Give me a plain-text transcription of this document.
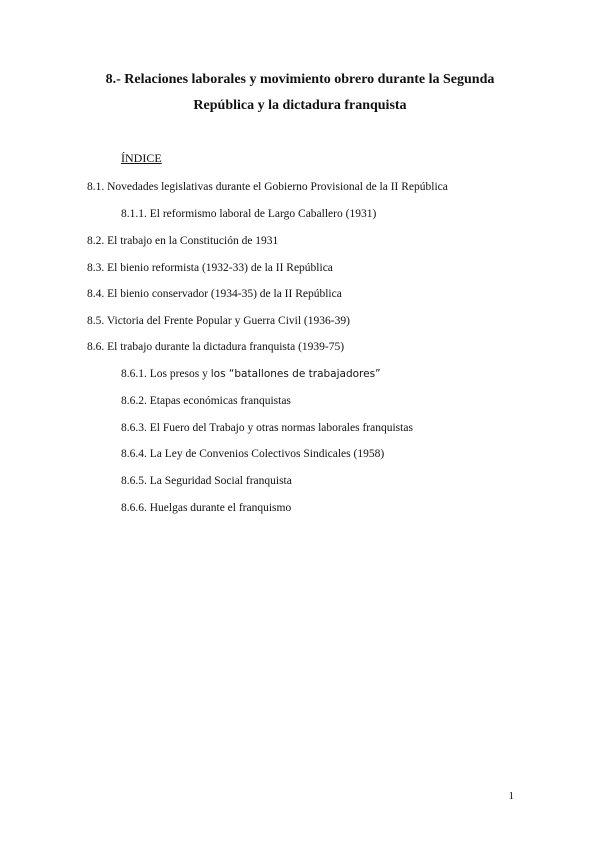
8.- Relaciones laborales y movimiento obrero durante la Segunda
República y la dictadura franquista
ÍNDICE
8.1. Novedades legislativas durante el Gobierno Provisional de la II República
8.1.1. El reformismo laboral de Largo Caballero (1931)
8.2. El trabajo en la Constitución de 1931
8.3. El bienio reformista (1932-33) de la II República
8.4. El bienio conservador (1934-35) de la II República
8.5. Victoria del Frente Popular y Guerra Civil (1936-39)
8.6. El trabajo durante la dictadura franquista (1939-75)
8.6.1. Los presos y los “batallones de trabajadores”
8.6.2. Etapas económicas franquistas
8.6.3. El Fuero del Trabajo y otras normas laborales franquistas
8.6.4. La Ley de Convenios Colectivos Sindicales (1958)
8.6.5. La Seguridad Social franquista
8.6.6. Huelgas durante el franquismo
1
